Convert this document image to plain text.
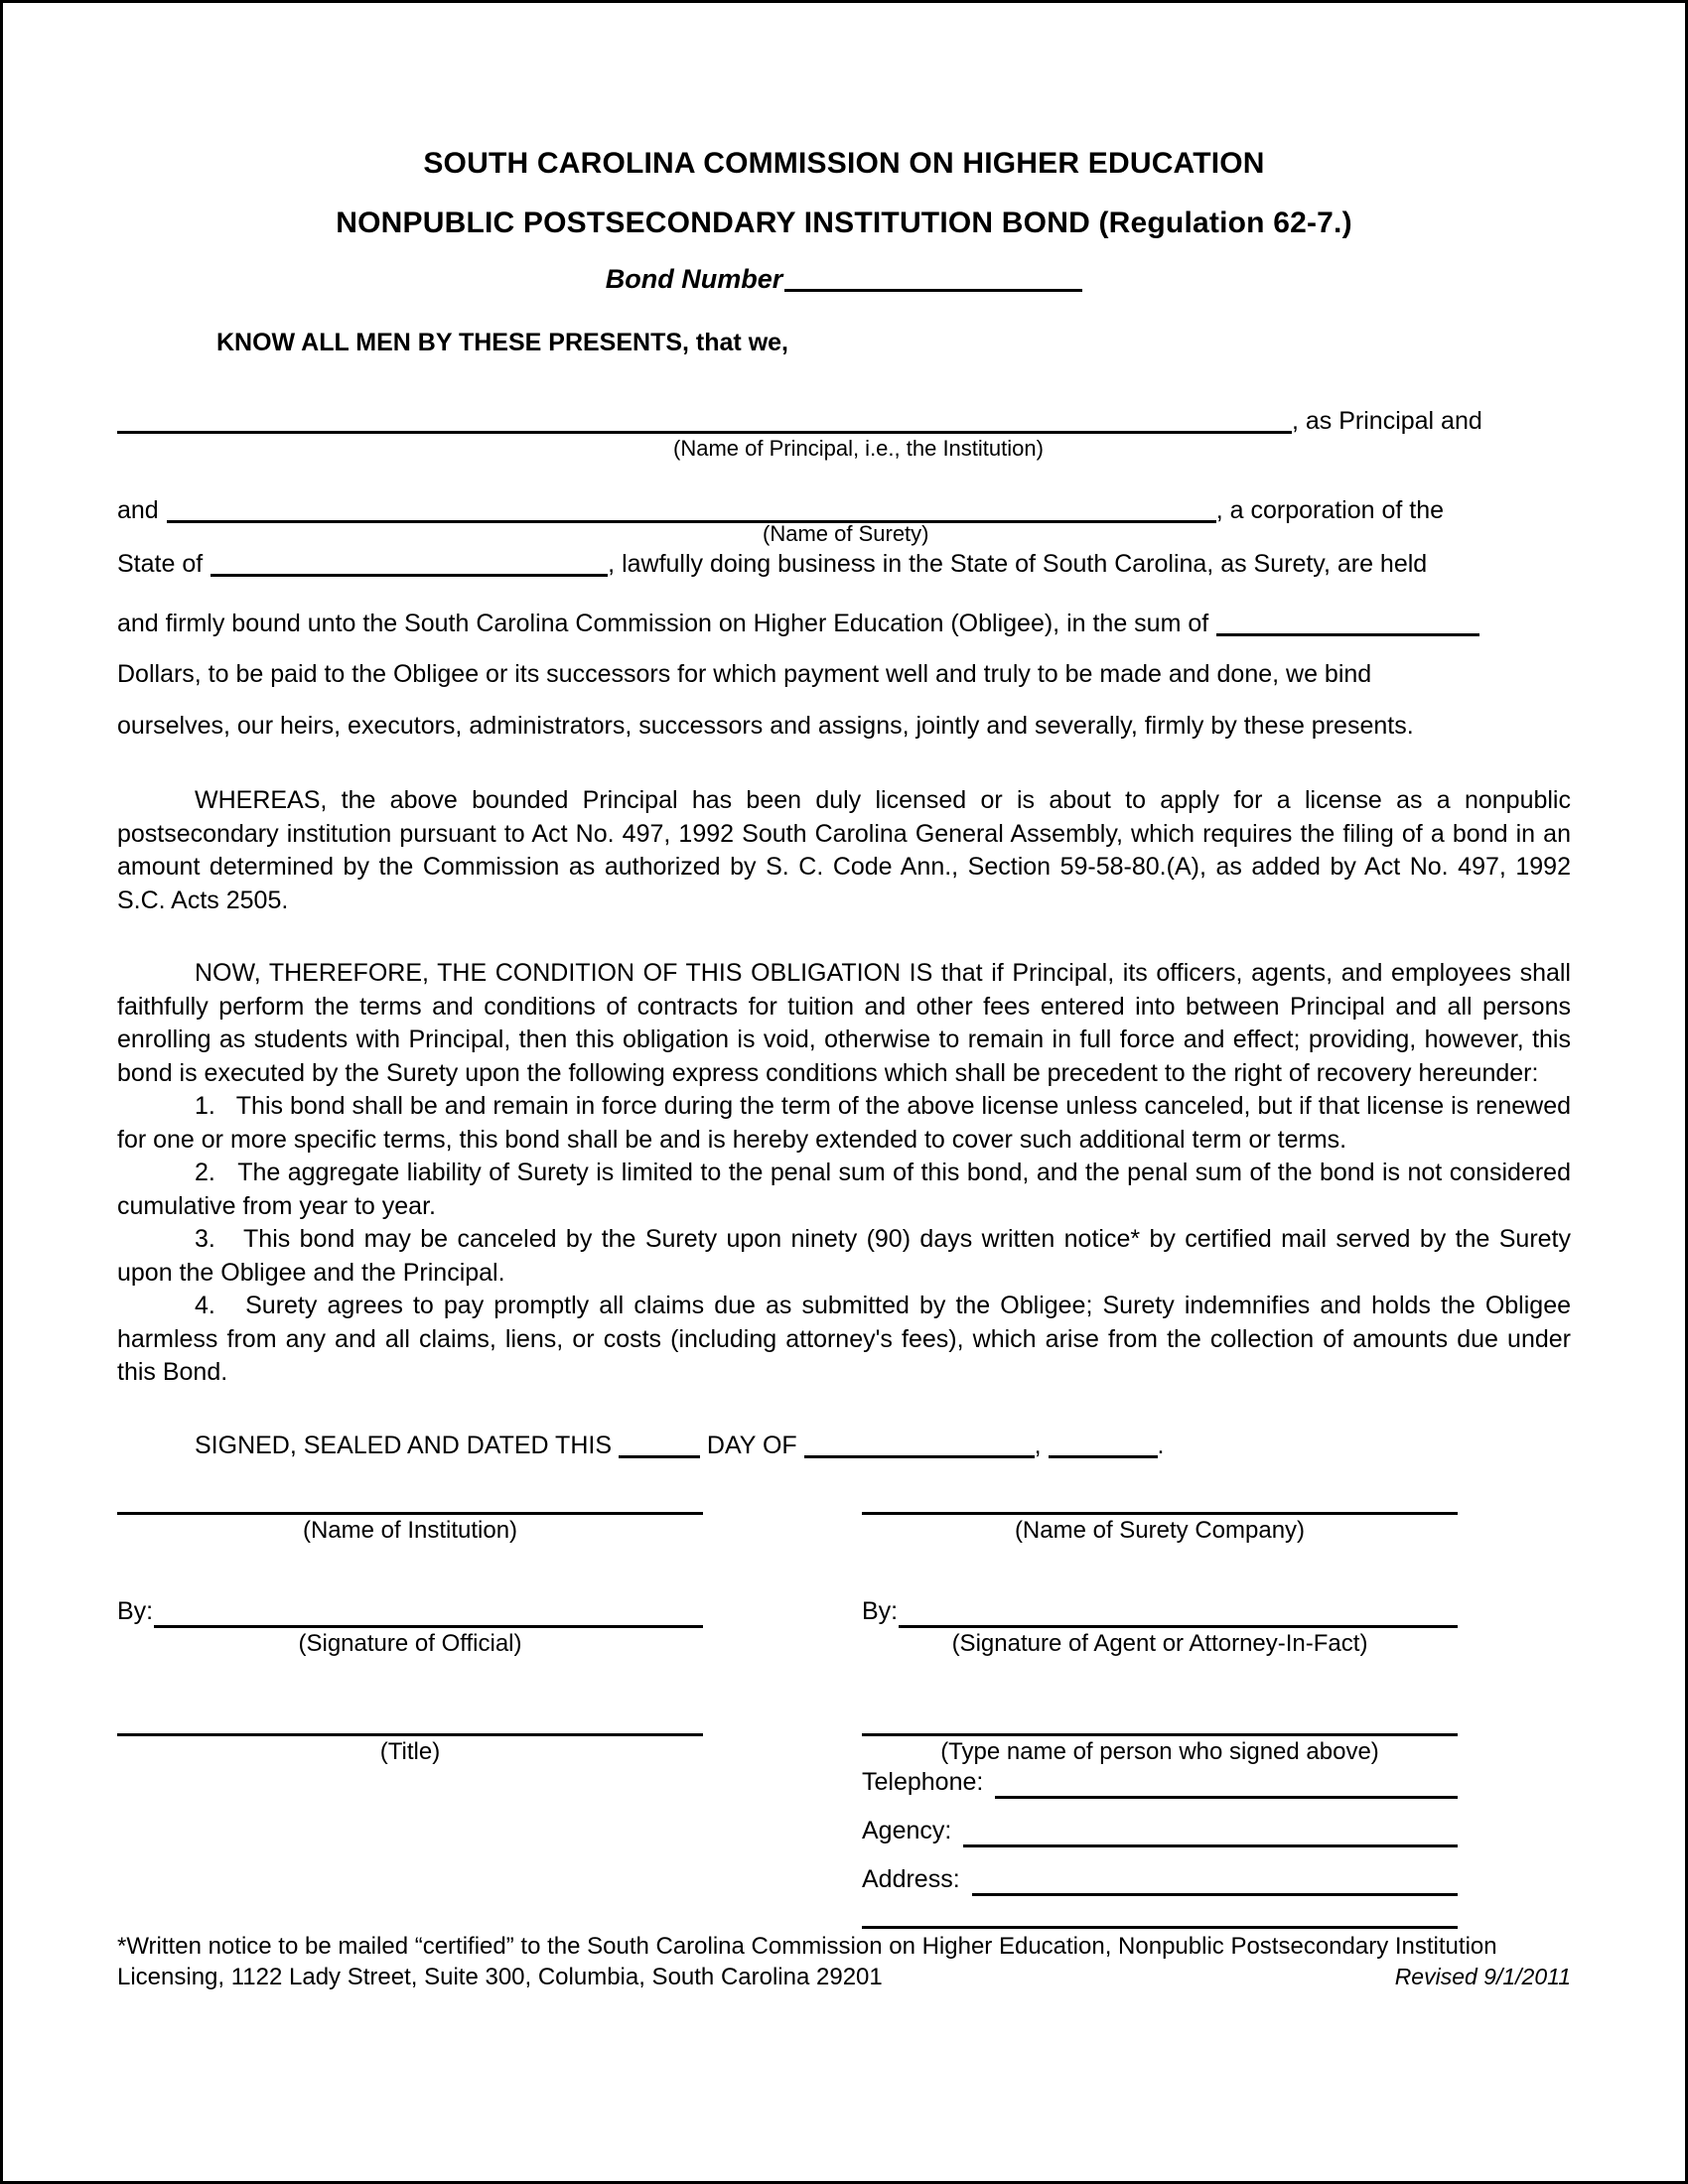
SOUTH CAROLINA COMMISSION ON HIGHER EDUCATION
NONPUBLIC POSTSECONDARY INSTITUTION BOND (Regulation 62-7.)
Bond Number
KNOW ALL MEN BY THESE PRESENTS, that we,
, as Principal and
(Name of Principal, i.e., the Institution)
and	, a corporation of the
(Name of Surety)
State of	, lawfully doing business in the State of South Carolina, as Surety, are held
and firmly bound unto the South Carolina Commission on Higher Education (Obligee), in the sum of

Dollars, to be paid to the Obligee or its successors for which payment well and truly to be made and done, we bind

ourselves, our heirs, executors, administrators, successors and assigns, jointly and severally, firmly by these presents.

WHEREAS, the above bounded Principal has been duly licensed or is about to apply for a license as a nonpublic postsecondary institution pursuant to Act No. 497, 1992 South Carolina General Assembly, which requires the filing of a bond in an amount determined by the Commission as authorized by S. C. Code Ann., Section 59-58-80.(A), as added by Act No. 497, 1992 S.C. Acts 2505.

NOW, THEREFORE, THE CONDITION OF THIS OBLIGATION IS that if Principal, its officers, agents, and employees shall faithfully perform the terms and conditions of contracts for tuition and other fees entered into between Principal and all persons enrolling as students with Principal, then this obligation is void, otherwise to remain in full force and effect; providing, however, this bond is executed by the Surety upon the following express conditions which shall be precedent to the right of recovery hereunder:

1. This bond shall be and remain in force during the term of the above license unless canceled, but if that license is renewed for one or more specific terms, this bond shall be and is hereby extended to cover such additional term or terms.

2. The aggregate liability of Surety is limited to the penal sum of this bond, and the penal sum of the bond is not considered cumulative from year to year.

3. This bond may be canceled by the Surety upon ninety (90) days written notice* by certified mail served by the Surety upon the Obligee and the Principal.

4. Surety agrees to pay promptly all claims due as submitted by the Obligee; Surety indemnifies and holds the Obligee harmless from any and all claims, liens, or costs (including attorney's fees), which arise from the collection of amounts due under this Bond.

SIGNED, SEALED AND DATED THIS	DAY OF	,	.
(Name of Institution)
By:
(Signature of Official)
(Title)
(Name of Surety Company)
By:
(Signature of Agent or Attorney-In-Fact)
(Type name of person who signed above)
Telephone:
Agency:
Address:
*Written notice to be mailed “certified” to the South Carolina Commission on Higher Education, Nonpublic Postsecondary Institution
Licensing, 1122 Lady Street, Suite 300, Columbia, South Carolina 29201	Revised 9/1/2011
